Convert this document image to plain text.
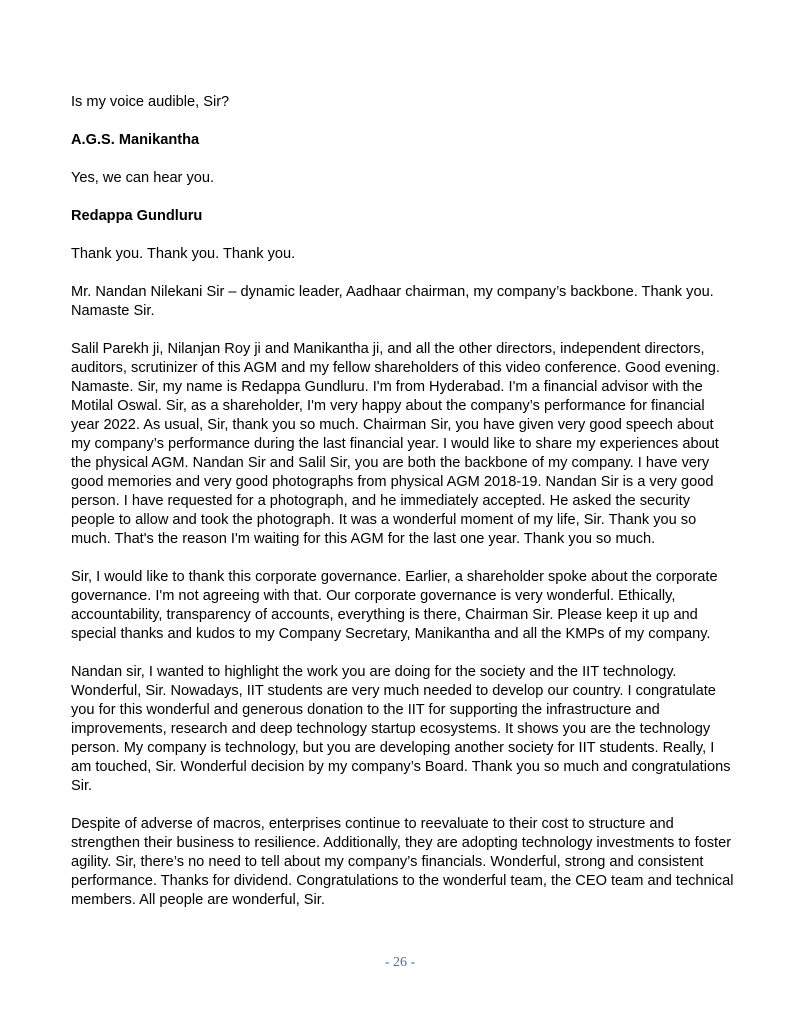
Is my voice audible, Sir?

A.G.S. Manikantha

Yes, we can hear you.

Redappa Gundluru

Thank you. Thank you. Thank you.

Mr. Nandan Nilekani Sir – dynamic leader, Aadhaar chairman, my company’s backbone. Thank you. Namaste Sir.

Salil Parekh ji, Nilanjan Roy ji and Manikantha ji, and all the other directors, independent directors, auditors, scrutinizer of this AGM and my fellow shareholders of this video conference. Good evening. Namaste. Sir, my name is Redappa Gundluru. I'm from Hyderabad. I'm a financial advisor with the Motilal Oswal. Sir, as a shareholder, I'm very happy about the company’s performance for financial year 2022. As usual, Sir, thank you so much. Chairman Sir, you have given very good speech about my company’s performance during the last financial year. I would like to share my experiences about the physical AGM. Nandan Sir and Salil Sir, you are both the backbone of my company. I have very good memories and very good photographs from physical AGM 2018-19. Nandan Sir is a very good person. I have requested for a photograph, and he immediately accepted. He asked the security people to allow and took the photograph. It was a wonderful moment of my life, Sir. Thank you so much. That's the reason I'm waiting for this AGM for the last one year. Thank you so much.

Sir, I would like to thank this corporate governance. Earlier, a shareholder spoke about the corporate governance. I'm not agreeing with that. Our corporate governance is very wonderful. Ethically, accountability, transparency of accounts, everything is there, Chairman Sir. Please keep it up and special thanks and kudos to my Company Secretary, Manikantha and all the KMPs of my company.

Nandan sir, I wanted to highlight the work you are doing for the society and the IIT technology. Wonderful, Sir. Nowadays, IIT students are very much needed to develop our country. I congratulate you for this wonderful and generous donation to the IIT for supporting the infrastructure and improvements, research and deep technology startup ecosystems. It shows you are the technology person. My company is technology, but you are developing another society for IIT students. Really, I am touched, Sir. Wonderful decision by my company’s Board. Thank you so much and congratulations Sir.

Despite of adverse of macros, enterprises continue to reevaluate to their cost to structure and strengthen their business to resilience. Additionally, they are adopting technology investments to foster agility. Sir, there’s no need to tell about my company’s financials. Wonderful, strong and consistent performance. Thanks for dividend. Congratulations to the wonderful team, the CEO team and technical members. All people are wonderful, Sir.

- 26 -
